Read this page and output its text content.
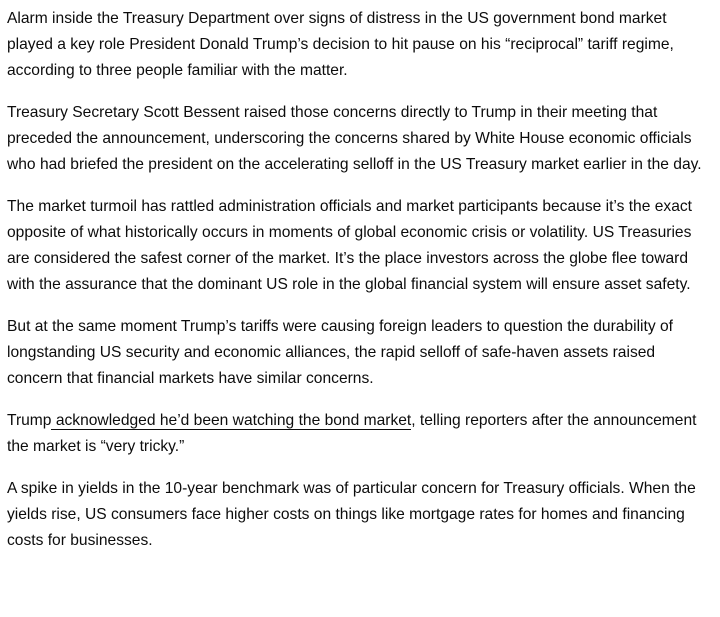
Alarm inside the Treasury Department over signs of distress in the US government bond market played a key role President Donald Trump’s decision to hit pause on his “reciprocal” tariff regime, according to three people familiar with the matter.

Treasury Secretary Scott Bessent raised those concerns directly to Trump in their meeting that preceded the announcement, underscoring the concerns shared by White House economic officials who had briefed the president on the accelerating selloff in the US Treasury market earlier in the day.

The market turmoil has rattled administration officials and market participants because it’s the exact opposite of what historically occurs in moments of global economic crisis or volatility. US Treasuries are considered the safest corner of the market. It’s the place investors across the globe flee toward with the assurance that the dominant US role in the global financial system will ensure asset safety.

But at the same moment Trump’s tariffs were causing foreign leaders to question the durability of longstanding US security and economic alliances, the rapid selloff of safe-haven assets raised concern that financial markets have similar concerns.

Trump acknowledged he’d been watching the bond market, telling reporters after the announcement the market is “very tricky.”

A spike in yields in the 10-year benchmark was of particular concern for Treasury officials. When the yields rise, US consumers face higher costs on things like mortgage rates for homes and financing costs for businesses.
